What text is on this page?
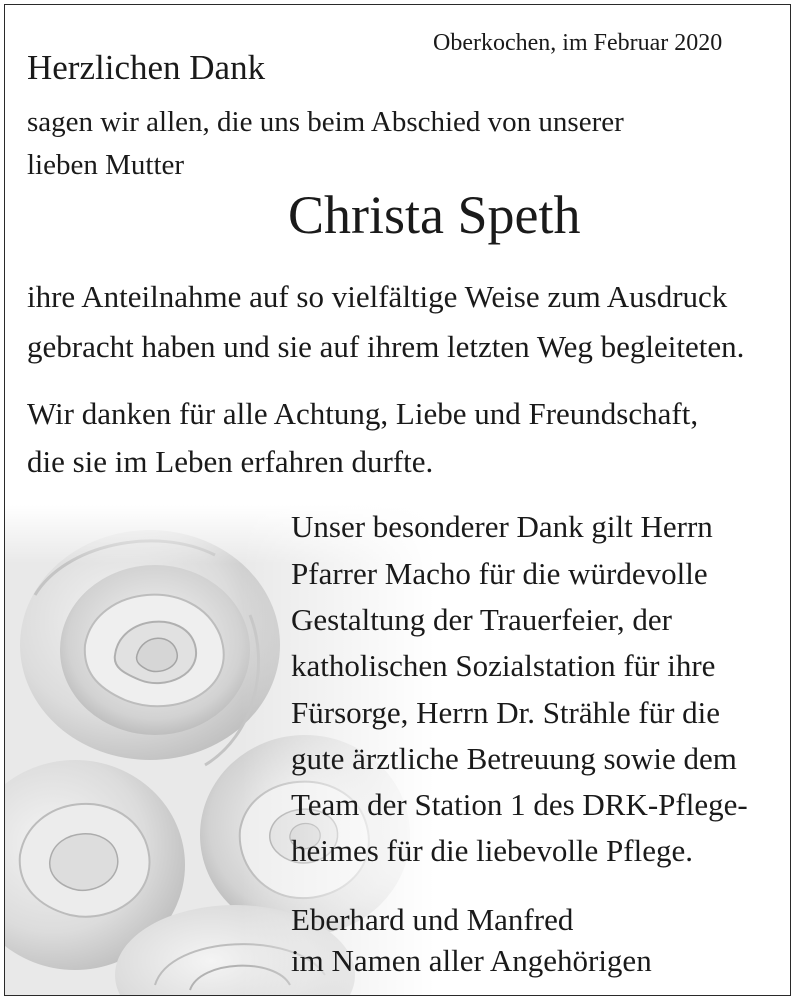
Oberkochen, im Februar 2020
Herzlichen Dank
sagen wir allen, die uns beim Abschied von unserer
lieben Mutter
Christa Speth
ihre Anteilnahme auf so vielfältige Weise zum Ausdruck
gebracht haben und sie auf ihrem letzten Weg begleiteten.
Wir danken für alle Achtung, Liebe und Freundschaft,
die sie im Leben erfahren durfte.
Unser besonderer Dank gilt Herrn
Pfarrer Macho für die würdevolle
Gestaltung der Trauerfeier, der
katholischen Sozialstation für ihre
Fürsorge, Herrn Dr. Strähle für die
gute ärztliche Betreuung sowie dem
Team der Station 1 des DRK-Pflege-
heimes für die liebevolle Pflege.
Eberhard und Manfred
im Namen aller Angehörigen
